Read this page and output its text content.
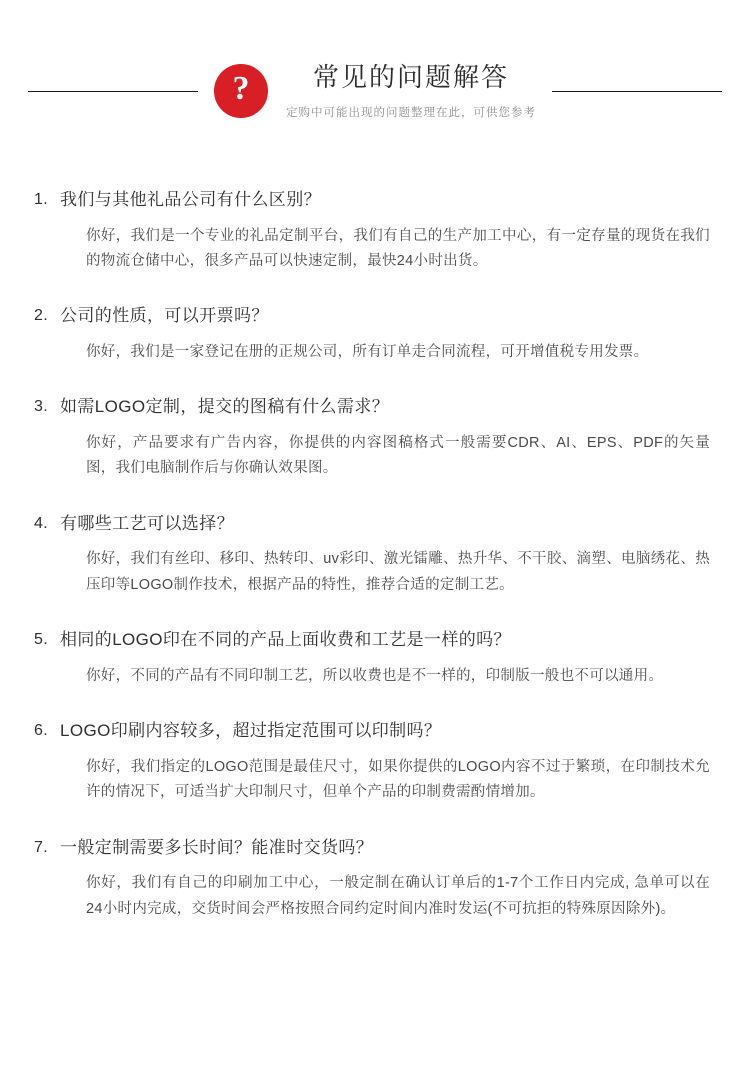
? 常见的问题解答
定购中可能出现的问题整理在此，可供您参考
1. 我们与其他礼品公司有什么区别？
你好，我们是一个专业的礼品定制平台，我们有自己的生产加工中心，有一定存量的现货在我们的物流仓储中心，很多产品可以快速定制，最快24小时出货。
2. 公司的性质，可以开票吗？
你好，我们是一家登记在册的正规公司，所有订单走合同流程，可开增值税专用发票。
3. 如需LOGO定制，提交的图稿有什么需求？
你好，产品要求有广告内容，你提供的内容图稿格式一般需要CDR、AI、EPS、PDF的矢量图，我们电脑制作后与你确认效果图。
4. 有哪些工艺可以选择？
你好，我们有丝印、移印、热转印、uv彩印、激光镭雕、热升华、不干胶、滴塑、电脑绣花、热压印等LOGO制作技术，根据产品的特性，推荐合适的定制工艺。
5. 相同的LOGO印在不同的产品上面收费和工艺是一样的吗？
你好，不同的产品有不同印制工艺，所以收费也是不一样的，印制版一般也不可以通用。
6. LOGO印刷内容较多，超过指定范围可以印制吗？
你好，我们指定的LOGO范围是最佳尺寸，如果你提供的LOGO内容不过于繁琐，在印制技术允许的情况下，可适当扩大印制尺寸，但单个产品的印制费需酌情增加。
7. 一般定制需要多长时间？能准时交货吗？
你好，我们有自己的印刷加工中心，一般定制在确认订单后的1-7个工作日内完成, 急单可以在24小时内完成，交货时间会严格按照合同约定时间内准时发运(不可抗拒的特殊原因除外)。
